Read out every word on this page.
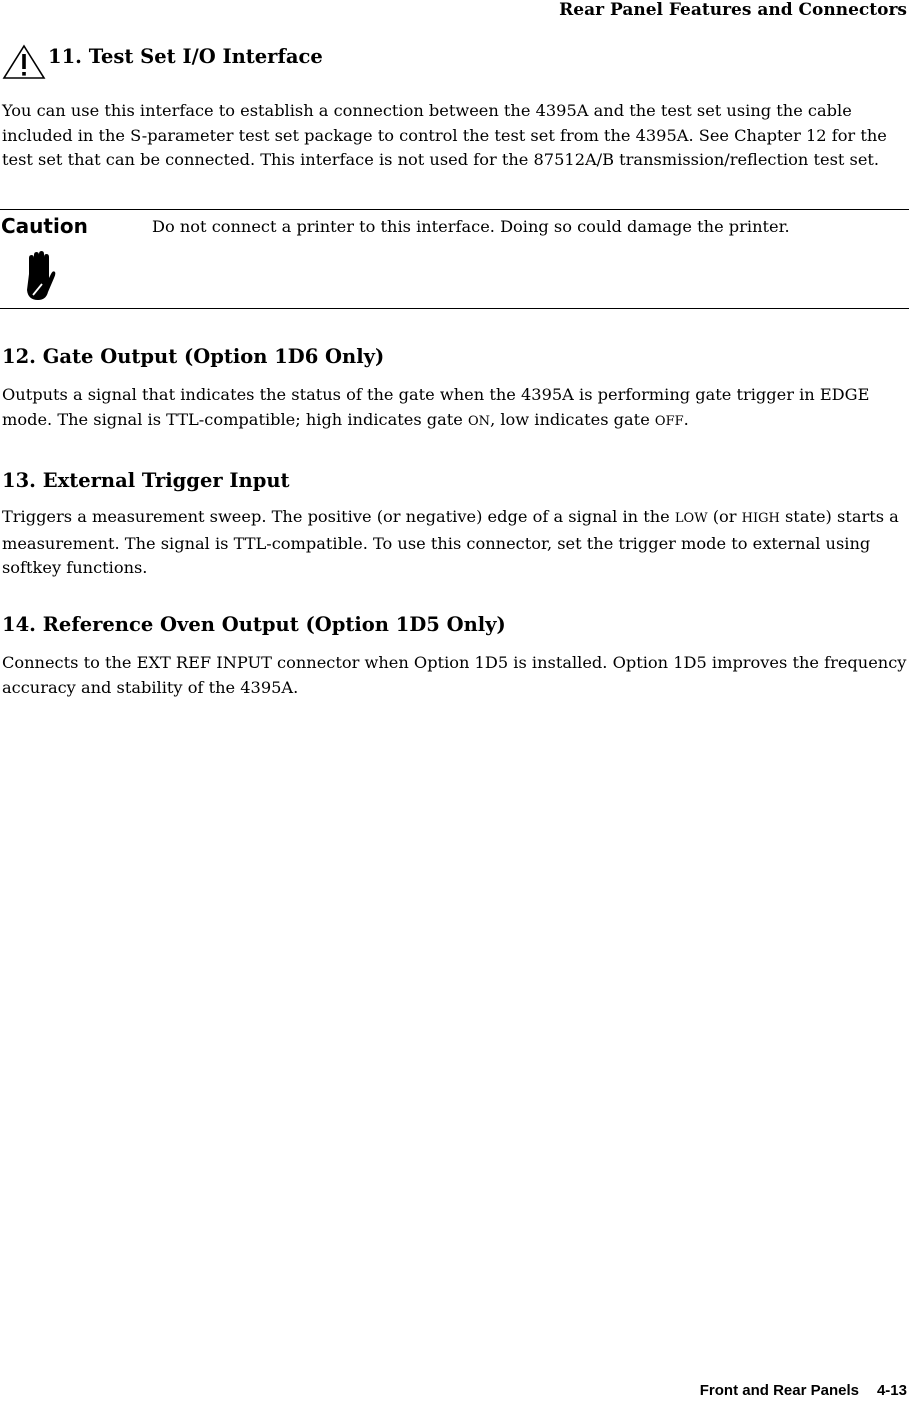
Rear Panel Features and Connectors
11. Test Set I/O Interface

You can use this interface to establish a connection between the 4395A and the test set using the cable included in the S-parameter test set package to control the test set from the 4395A. See Chapter 12 for the test set that can be connected. This interface is not used for the 87512A/B transmission/reflection test set.

Caution	Do not connect a printer to this interface. Doing so could damage the printer.
12. Gate Output (Option 1D6 Only)

Outputs a signal that indicates the status of the gate when the 4395A is performing gate trigger in EDGE mode. The signal is TTL-compatible; high indicates gate ON, low indicates gate OFF.

13. External Trigger Input

Triggers a measurement sweep. The positive (or negative) edge of a signal in the LOW (or HIGH state) starts a measurement. The signal is TTL-compatible. To use this connector, set the trigger mode to external using softkey functions.

14. Reference Oven Output (Option 1D5 Only)

Connects to the EXT REF INPUT connector when Option 1D5 is installed. Option 1D5 improves the frequency accuracy and stability of the 4395A.

Front and Rear Panels 4-13
